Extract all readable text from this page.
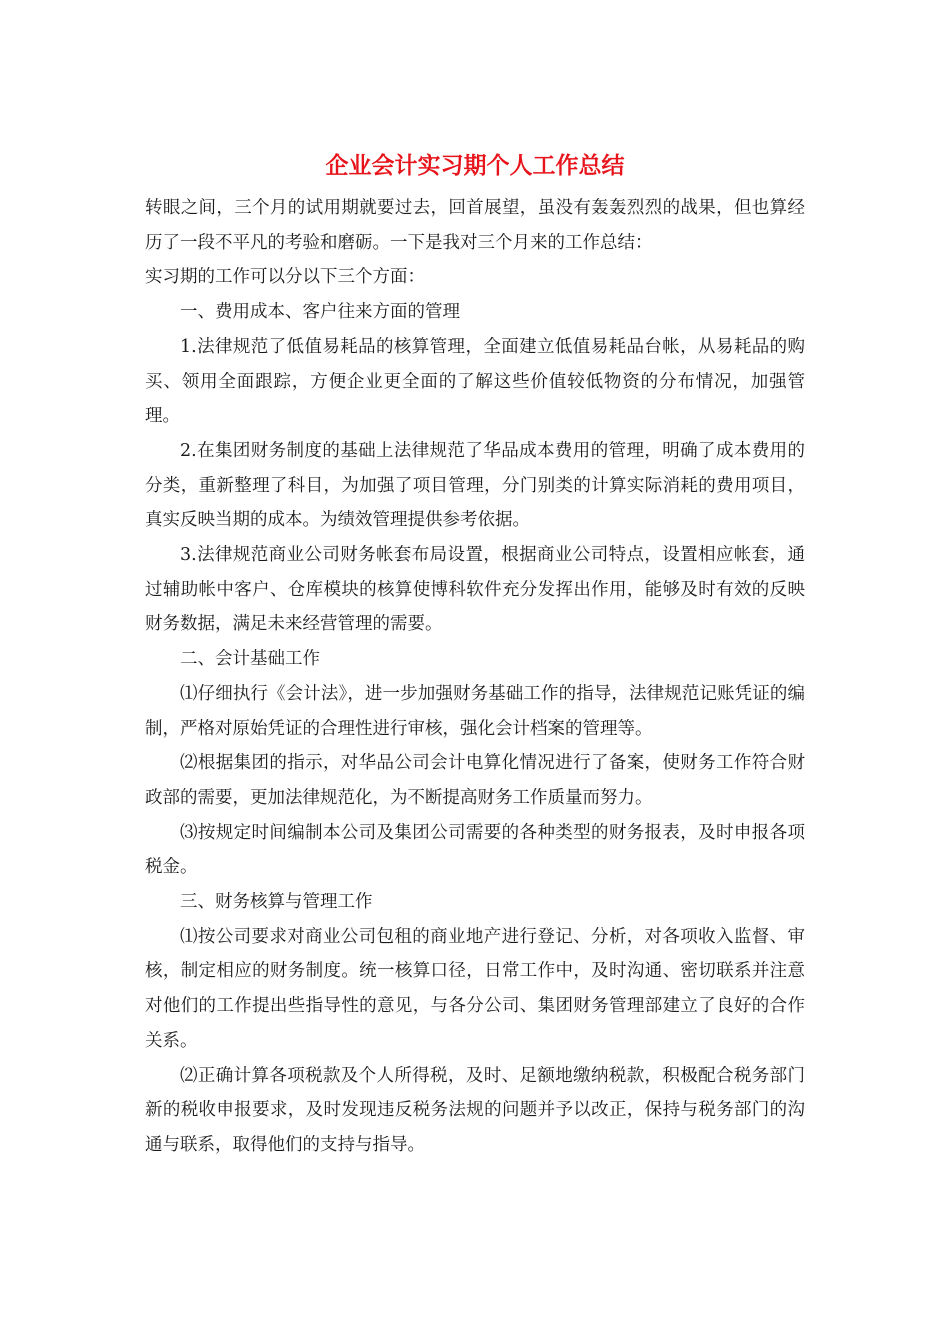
企业会计实习期个人工作总结

转眼之间，三个月的试用期就要过去，回首展望，虽没有轰轰烈烈的战果，但也算经历了一段不平凡的考验和磨砺。一下是我对三个月来的工作总结：

实习期的工作可以分以下三个方面：

一、费用成本、客户往来方面的管理

1.法律规范了低值易耗品的核算管理，全面建立低值易耗品台帐，从易耗品的购买、领用全面跟踪，方便企业更全面的了解这些价值较低物资的分布情况，加强管理。

2.在集团财务制度的基础上法律规范了华品成本费用的管理，明确了成本费用的分类，重新整理了科目，为加强了项目管理，分门别类的计算实际消耗的费用项目，真实反映当期的成本。为绩效管理提供参考依据。

3.法律规范商业公司财务帐套布局设置，根据商业公司特点，设置相应帐套，通过辅助帐中客户、仓库模块的核算使博科软件充分发挥出作用，能够及时有效的反映财务数据，满足未来经营管理的需要。

二、会计基础工作

⑴仔细执行《会计法》，进一步加强财务基础工作的指导，法律规范记账凭证的编制，严格对原始凭证的合理性进行审核，强化会计档案的管理等。

⑵根据集团的指示，对华品公司会计电算化情况进行了备案，使财务工作符合财政部的需要，更加法律规范化，为不断提高财务工作质量而努力。

⑶按规定时间编制本公司及集团公司需要的各种类型的财务报表，及时申报各项税金。

三、财务核算与管理工作

⑴按公司要求对商业公司包租的商业地产进行登记、分析，对各项收入监督、审核，制定相应的财务制度。统一核算口径，日常工作中，及时沟通、密切联系并注意对他们的工作提出些指导性的意见，与各分公司、集团财务管理部建立了良好的合作关系。

⑵正确计算各项税款及个人所得税，及时、足额地缴纳税款，积极配合税务部门新的税收申报要求，及时发现违反税务法规的问题并予以改正，保持与税务部门的沟通与联系，取得他们的支持与指导。
